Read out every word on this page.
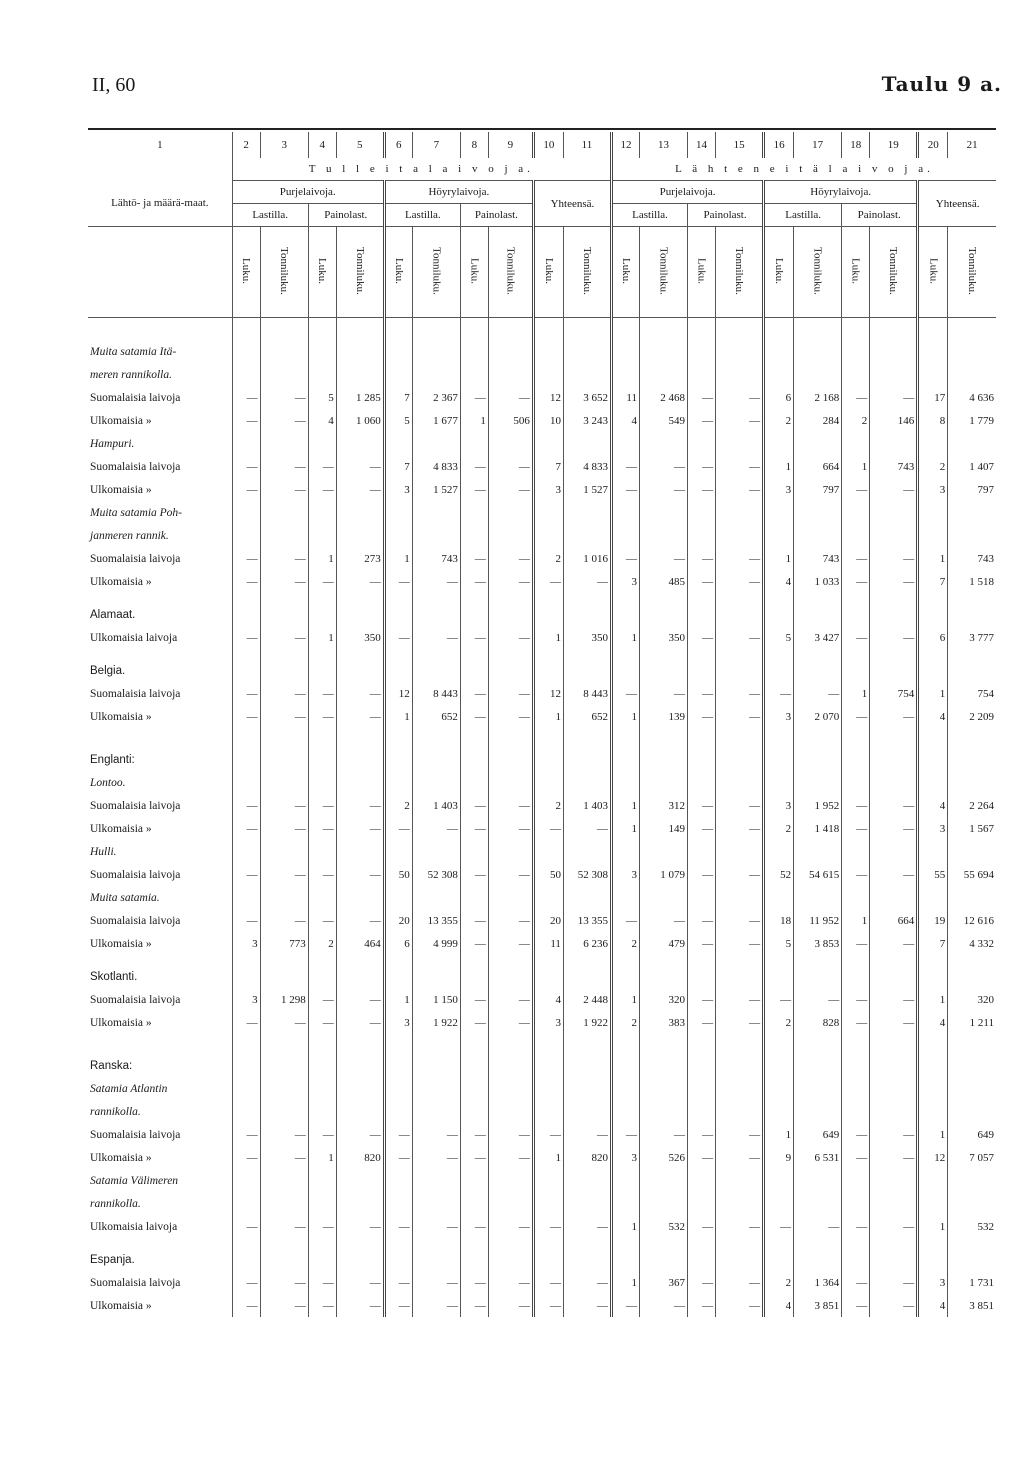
II, 60	Taulu 9 a.
1	2	3	4	5	6	7	8	9	10	11	12	13	14	15	16	17	18	19	20	21
	T u l l e i t a l a i v o j a.										L ä h t e n e i t ä l a i v o j a.									
Lähtö- ja määrä-maat.	Purjelaivoja.				Höyrylaivoja.				Yhteensä.		Purjelaivoja.				Höyrylaivoja.				Yhteensä.	
	Lastilla.		Painolast.		Lastilla.		Painolast.				Lastilla.		Painolast.		Lastilla.		Painolast.			
	Luku.	Tonniluku.	Luku.	Tonniluku.	Luku.	Tonniluku.	Luku.	Tonniluku.	Luku.	Tonniluku.	Luku.	Tonniluku.	Luku.	Tonniluku.	Luku.	Tonniluku.	Luku.	Tonniluku.	Luku.	Tonniluku.

Muita satamia Itä-																				
meren rannikolla.																				
Suomalaisia laivoja	—	—	5	1 285	7	2 367	—	—	12	3 652	11	2 468	—	—	6	2 168	—	—	17	4 636
Ulkomaisia »	—	—	4	1 060	5	1 677	1	506	10	3 243	4	549	—	—	2	284	2	146	8	1 779
Hampuri.																				
Suomalaisia laivoja	—	—	—	—	7	4 833	—	—	7	4 833	—	—	—	—	1	664	1	743	2	1 407
Ulkomaisia »	—	—	—	—	3	1 527	—	—	3	1 527	—	—	—	—	3	797	—	—	3	797
Muita satamia Poh-																				
janmeren rannik.																				
Suomalaisia laivoja	—	—	1	273	1	743	—	—	2	1 016	—	—	—	—	1	743	—	—	1	743
Ulkomaisia »	—	—	—	—	—	—	—	—	—	—	3	485	—	—	4	1 033	—	—	7	1 518

Alamaat.																				
Ulkomaisia laivoja	—	—	1	350	—	—	—	—	1	350	1	350	—	—	5	3 427	—	—	6	3 777

Belgia.																				
Suomalaisia laivoja	—	—	—	—	12	8 443	—	—	12	8 443	—	—	—	—	—	—	1	754	1	754
Ulkomaisia »	—	—	—	—	1	652	—	—	1	652	1	139	—	—	3	2 070	—	—	4	2 209

Englanti:																				
Lontoo.																				
Suomalaisia laivoja	—	—	—	—	2	1 403	—	—	2	1 403	1	312	—	—	3	1 952	—	—	4	2 264
Ulkomaisia »	—	—	—	—	—	—	—	—	—	—	1	149	—	—	2	1 418	—	—	3	1 567
Hulli.																				
Suomalaisia laivoja	—	—	—	—	50	52 308	—	—	50	52 308	3	1 079	—	—	52	54 615	—	—	55	55 694
Muita satamia.																				
Suomalaisia laivoja	—	—	—	—	20	13 355	—	—	20	13 355	—	—	—	—	18	11 952	1	664	19	12 616
Ulkomaisia »	3	773	2	464	6	4 999	—	—	11	6 236	2	479	—	—	5	3 853	—	—	7	4 332

Skotlanti.																				
Suomalaisia laivoja	3	1 298	—	—	1	1 150	—	—	4	2 448	1	320	—	—	—	—	—	—	1	320
Ulkomaisia »	—	—	—	—	3	1 922	—	—	3	1 922	2	383	—	—	2	828	—	—	4	1 211

Ranska:																				
Satamia Atlantin																				
rannikolla.																				
Suomalaisia laivoja	—	—	—	—	—	—	—	—	—	—	—	—	—	—	1	649	—	—	1	649
Ulkomaisia »	—	—	1	820	—	—	—	—	1	820	3	526	—	—	9	6 531	—	—	12	7 057
Satamia Välimeren																				
rannikolla.																				
Ulkomaisia laivoja	—	—	—	—	—	—	—	—	—	—	1	532	—	—	—	—	—	—	1	532

Espanja.																				
Suomalaisia laivoja	—	—	—	—	—	—	—	—	—	—	1	367	—	—	2	1 364	—	—	3	1 731
Ulkomaisia »	—	—	—	—	—	—	—	—	—	—	—	—	—	—	4	3 851	—	—	4	3 851
